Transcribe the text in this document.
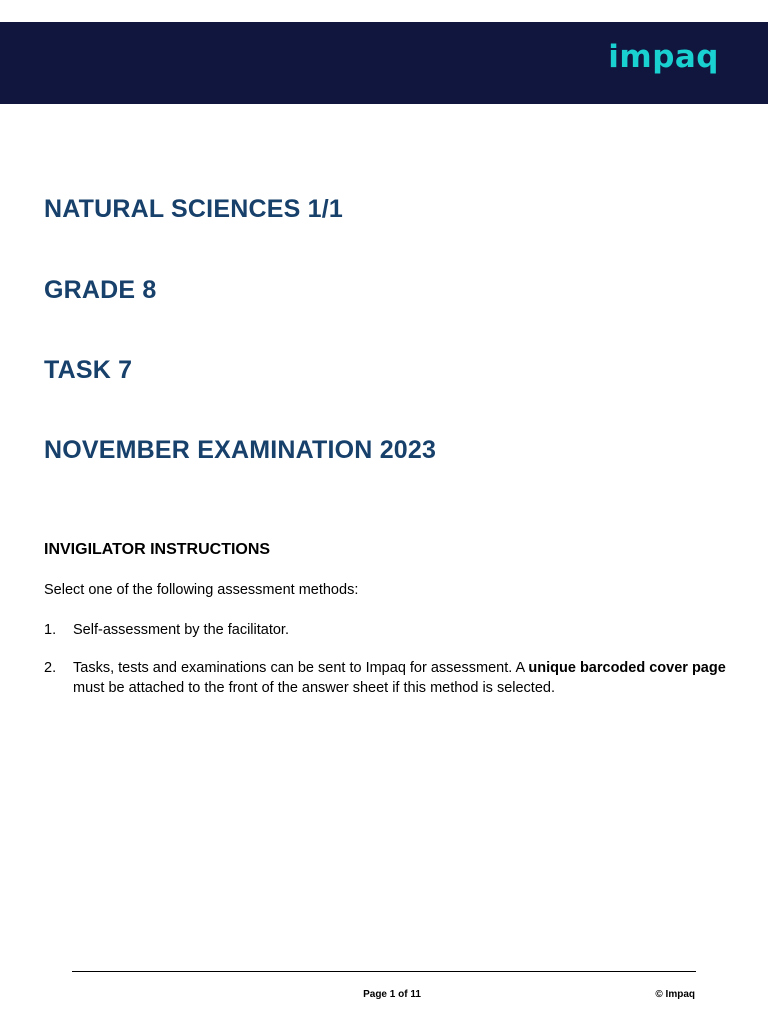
impaq
NATURAL SCIENCES 1/1
GRADE 8
TASK 7
NOVEMBER EXAMINATION 2023
INVIGILATOR INSTRUCTIONS

Select one of the following assessment methods:

1. Self-assessment by the facilitator.
2. Tasks, tests and examinations can be sent to Impaq for assessment. A unique barcoded cover page must be attached to the front of the answer sheet if this method is selected.
Page 1 of 11	© Impaq
